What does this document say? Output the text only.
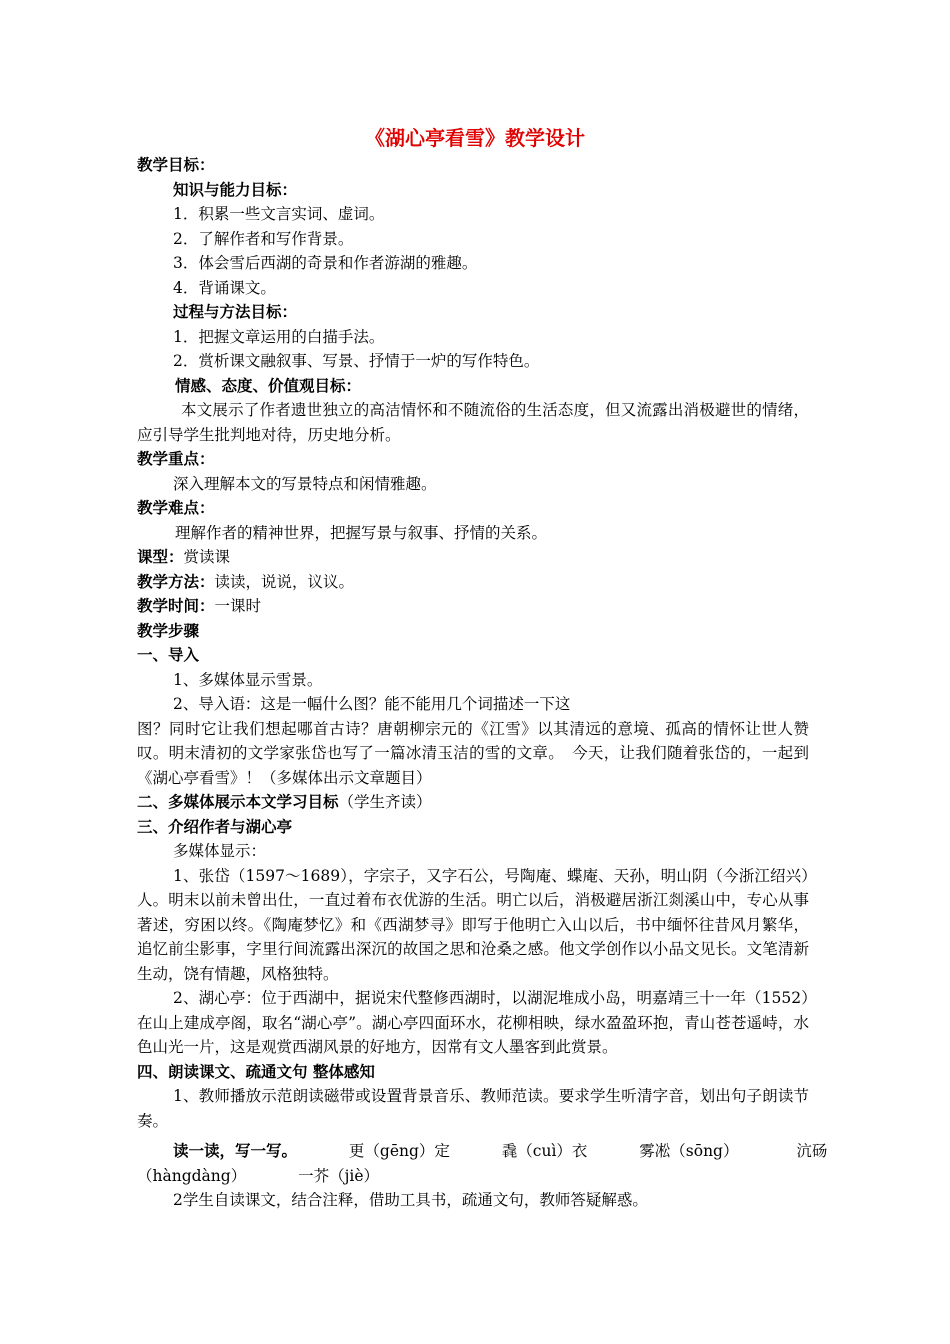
《湖心亭看雪》教学设计
教学目标：
知识与能力目标：
1．积累一些文言实词、虚词。
2．了解作者和写作背景。
3．体会雪后西湖的奇景和作者游湖的雅趣。
4．背诵课文。
过程与方法目标：
1．把握文章运用的白描手法。
2．赏析课文融叙事、写景、抒情于一炉的写作特色。
情感、态度、价值观目标：
本文展示了作者遗世独立的高洁情怀和不随流俗的生活态度，但又流露出消极避世的情绪，应引导学生批判地对待，历史地分析。
教学重点：
深入理解本文的写景特点和闲情雅趣。
教学难点：
理解作者的精神世界，把握写景与叙事、抒情的关系。
课型：赏读课
教学方法：读读，说说，议议。
教学时间：一课时
教学步骤
一、导入
1、多媒体显示雪景。
2、导入语：这是一幅什么图？能不能用几个词描述一下这
图？同时它让我们想起哪首古诗？唐朝柳宗元的《江雪》以其清远的意境、孤高的情怀让世人赞叹。明末清初的文学家张岱也写了一篇冰清玉洁的雪的文章。　今天，让我们随着张岱的，一起到《湖心亭看雪》！（多媒体出示文章题目）
二、多媒体展示本文学习目标（学生齐读）
三、介绍作者与湖心亭
多媒体显示：
1、张岱（1597～1689），字宗子，又字石公，号陶庵、蝶庵、天孙，明山阴（今浙江绍兴）人。明末以前未曾出仕，一直过着布衣优游的生活。明亡以后，消极避居浙江剡溪山中，专心从事著述，穷困以终。《陶庵梦忆》和《西湖梦寻》即写于他明亡入山以后，书中缅怀往昔风月繁华，追忆前尘影事，字里行间流露出深沉的故国之思和沧桑之感。他文学创作以小品文见长。文笔清新生动，饶有情趣，风格独特。
2、湖心亭：位于西湖中，据说宋代整修西湖时，以湖泥堆成小岛，明嘉靖三十一年（1552）在山上建成亭阁，取名“湖心亭”。湖心亭四面环水，花柳相映，绿水盈盈环抱，青山苍苍遥峙，水色山光一片，这是观赏西湖风景的好地方，因常有文人墨客到此赏景。
四、朗读课文、疏通文句 整体感知
1、教师播放示范朗读磁带或设置背景音乐、教师范读。要求学生听清字音，划出句子朗读节奏。
读一读，写一写。	更（gēng）定	毳（cuì）衣	雾凇（sōng）	沆砀
（hàngdàng）	一芥（jiè）
2学生自读课文，结合注释，借助工具书，疏通文句，教师答疑解惑。
